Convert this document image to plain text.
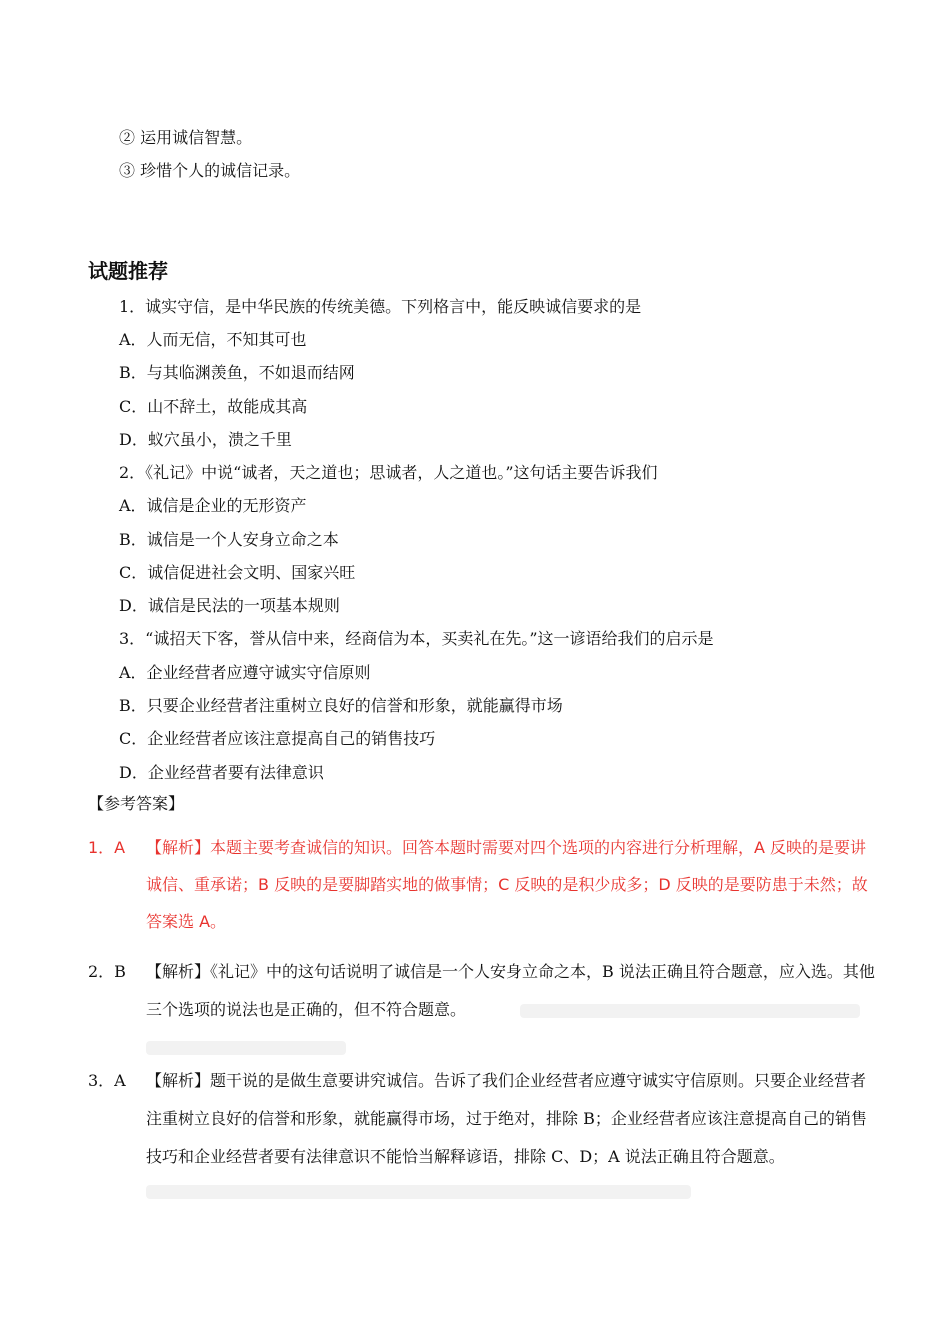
② 运用诚信智慧。
③ 珍惜个人的诚信记录。
试题推荐
1．诚实守信，是中华民族的传统美德。下列格言中，能反映诚信要求的是
A．人而无信，不知其可也
B．与其临渊羡鱼，不如退而结网
C．山不辞土，故能成其高
D．蚁穴虽小，溃之千里
2．《礼记》中说“诚者，天之道也；思诚者，人之道也。”这句话主要告诉我们
A．诚信是企业的无形资产
B．诚信是一个人安身立命之本
C．诚信促进社会文明、国家兴旺
D．诚信是民法的一项基本规则
3．“诚招天下客，誉从信中来，经商信为本，买卖礼在先。”这一谚语给我们的启示是
A．企业经营者应遵守诚实守信原则
B．只要企业经营者注重树立良好的信誉和形象，就能赢得市场
C．企业经营者应该注意提高自己的销售技巧
D．企业经营者要有法律意识
【参考答案】
1．A 【解析】本题主要考查诚信的知识。回答本题时需要对四个选项的内容进行分析理解，A 反映的是要讲诚信、重承诺；B 反映的是要脚踏实地的做事情；C 反映的是积少成多；D 反映的是要防患于未然；故答案选 A。
2．B 【解析】《礼记》中的这句话说明了诚信是一个人安身立命之本，B 说法正确且符合题意，应入选。其他三个选项的说法也是正确的，但不符合题意。
3．A 【解析】题干说的是做生意要讲究诚信。告诉了我们企业经营者应遵守诚实守信原则。只要企业经营者注重树立良好的信誉和形象，就能赢得市场，过于绝对，排除 B；企业经营者应该注意提高自己的销售技巧和企业经营者要有法律意识不能恰当解释谚语，排除 C、D；A 说法正确且符合题意。
